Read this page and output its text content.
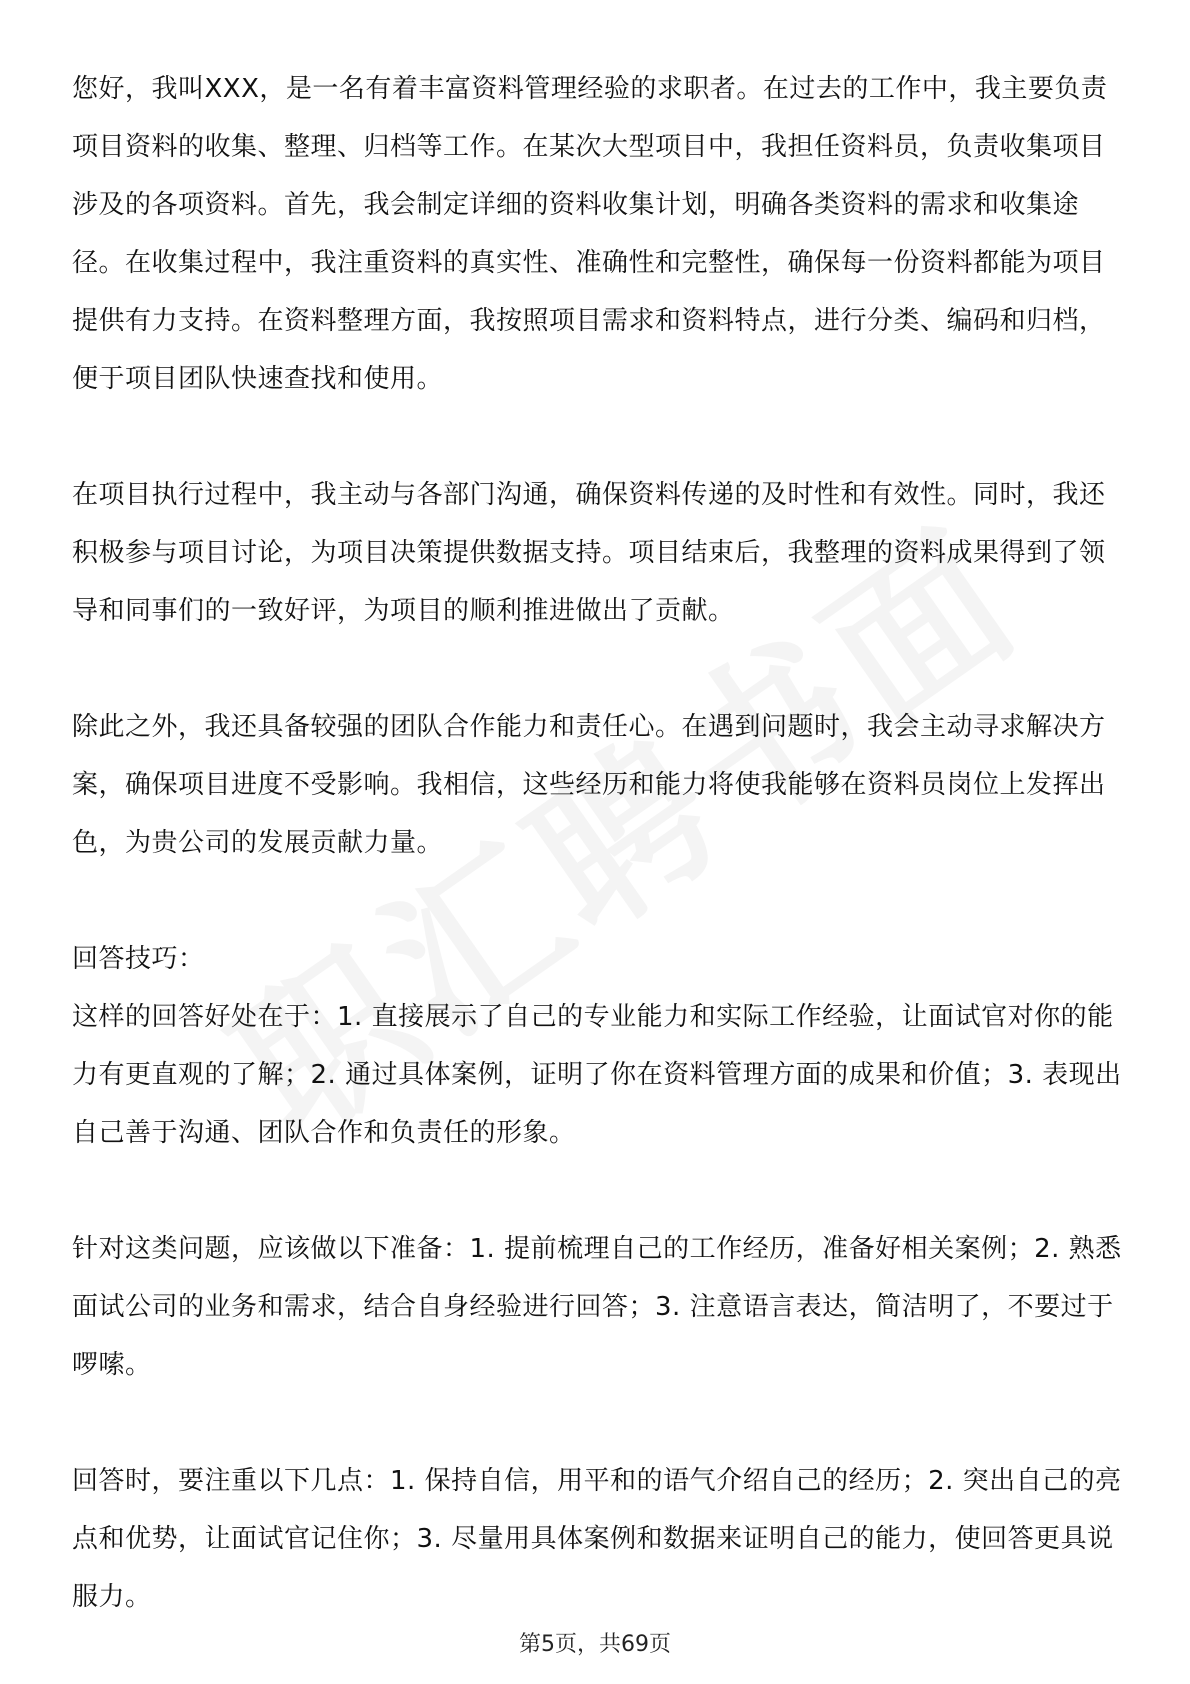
您好，我叫XXX，是一名有着丰富资料管理经验的求职者。在过去的工作中，我主要负责项目资料的收集、整理、归档等工作。在某次大型项目中，我担任资料员，负责收集项目涉及的各项资料。首先，我会制定详细的资料收集计划，明确各类资料的需求和收集途径。在收集过程中，我注重资料的真实性、准确性和完整性，确保每一份资料都能为项目提供有力支持。在资料整理方面，我按照项目需求和资料特点，进行分类、编码和归档，便于项目团队快速查找和使用。

在项目执行过程中，我主动与各部门沟通，确保资料传递的及时性和有效性。同时，我还积极参与项目讨论，为项目决策提供数据支持。项目结束后，我整理的资料成果得到了领导和同事们的一致好评，为项目的顺利推进做出了贡献。

除此之外，我还具备较强的团队合作能力和责任心。在遇到问题时，我会主动寻求解决方案，确保项目进度不受影响。我相信，这些经历和能力将使我能够在资料员岗位上发挥出色，为贵公司的发展贡献力量。

回答技巧：

这样的回答好处在于：1. 直接展示了自己的专业能力和实际工作经验，让面试官对你的能力有更直观的了解；2. 通过具体案例，证明了你在资料管理方面的成果和价值；3. 表现出自己善于沟通、团队合作和负责任的形象。

针对这类问题，应该做以下准备：1. 提前梳理自己的工作经历，准备好相关案例；2. 熟悉面试公司的业务和需求，结合自身经验进行回答；3. 注意语言表达，简洁明了，不要过于啰嗦。

回答时，要注重以下几点：1. 保持自信，用平和的语气介绍自己的经历；2. 突出自己的亮点和优势，让面试官记住你；3. 尽量用具体案例和数据来证明自己的能力，使回答更具说服力。

第5页，共69页
